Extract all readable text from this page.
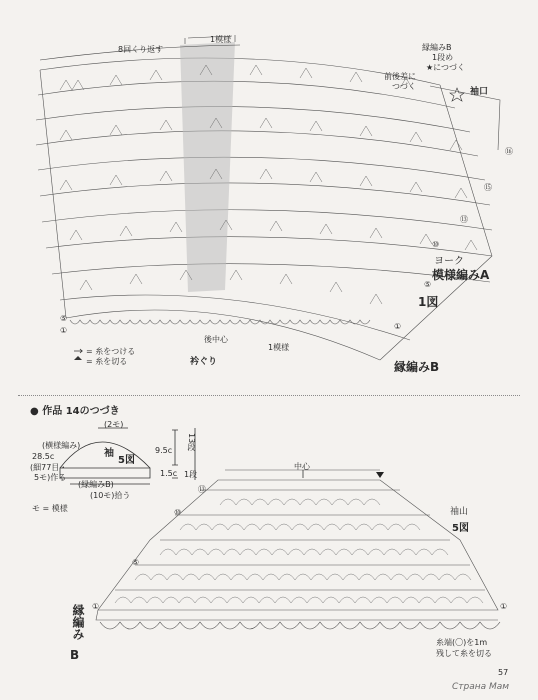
8回くり返す
1模様
縁編みB
1段め
★につづく
前後差に
つづく
袖口
ヨーク
模様編みA
1図
後中心
衿ぐり
1模様
縁編みB
= 糸をつける
= 糸を切る
⑯
⑮
⑬
⑩
⑤
①
⑤
①
● 作品 14のつづき
(2モ)
(横様編み)
袖
5図
28.5c
(細77目・
5モ)作る
(縁編みB)
(10モ)拾う
9.5c 13段
1.5c 1段
モ = 模様
中心
袖山
5図
縁編み
B
糸端(〇)を1m
残して糸を切る
⑬
⑩
⑤
①	①
57
Страна Мам
